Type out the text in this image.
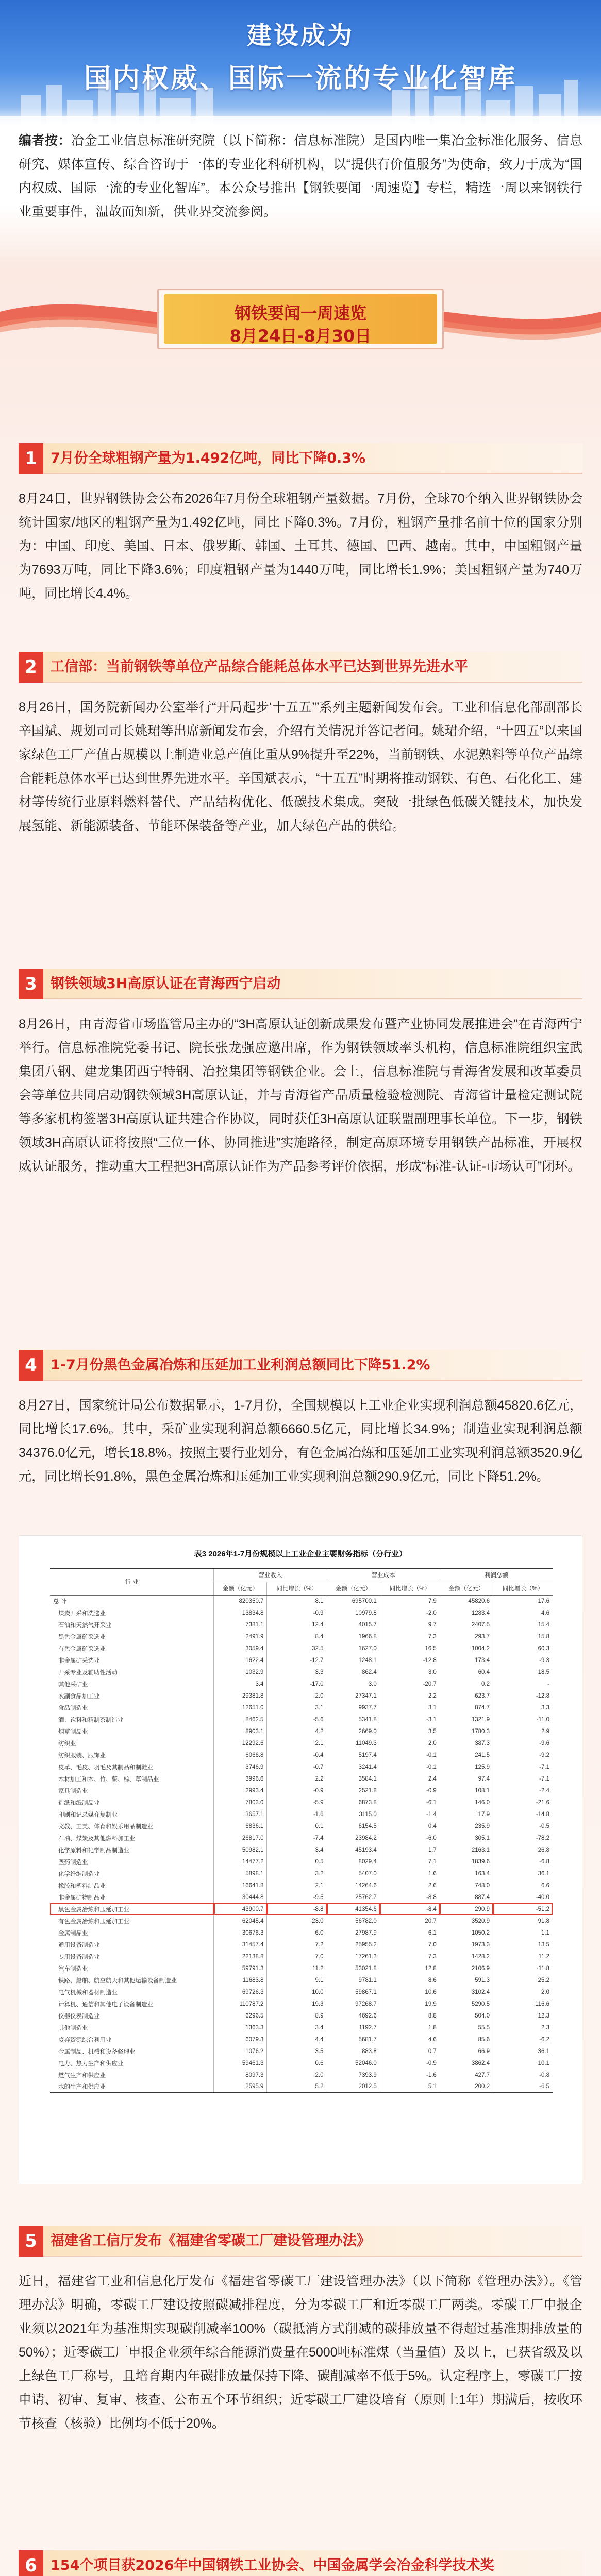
建设成为
国内权威、国际一流的专业化智库
编者按：冶金工业信息标准研究院（以下简称：信息标准院）是国内唯一集冶金标准化服务、信息研究、媒体宣传、综合咨询于一体的专业化科研机构，以“提供有价值服务”为使命，致力于成为“国内权威、国际一流的专业化智库”。本公众号推出【钢铁要闻一周速览】专栏，精选一周以来钢铁行业重要事件，温故而知新，供业界交流参阅。
钢铁要闻一周速览
8月24日-8月30日
1 7月份全球粗钢产量为1.492亿吨，同比下降0.3%
8月24日，世界钢铁协会公布2026年7月份全球粗钢产量数据。7月份，全球70个纳入世界钢铁协会统计国家/地区的粗钢产量为1.492亿吨，同比下降0.3%。7月份，粗钢产量排名前十位的国家分别为：中国、印度、美国、日本、俄罗斯、韩国、土耳其、德国、巴西、越南。其中，中国粗钢产量为7693万吨，同比下降3.6%；印度粗钢产量为1440万吨，同比增长1.9%；美国粗钢产量为740万吨，同比增长4.4%。
2 工信部：当前钢铁等单位产品综合能耗总体水平已达到世界先进水平
8月26日，国务院新闻办公室举行“开局起步‘十五五’”系列主题新闻发布会。工业和信息化部副部长辛国斌、规划司司长姚珺等出席新闻发布会，介绍有关情况并答记者问。姚珺介绍，“十四五”以来国家绿色工厂产值占规模以上制造业总产值比重从9%提升至22%，当前钢铁、水泥熟料等单位产品综合能耗总体水平已达到世界先进水平。辛国斌表示，“十五五”时期将推动钢铁、有色、石化化工、建材等传统行业原料燃料替代、产品结构优化、低碳技术集成。突破一批绿色低碳关键技术，加快发展氢能、新能源装备、节能环保装备等产业，加大绿色产品的供给。
3 钢铁领域3H高原认证在青海西宁启动
8月26日，由青海省市场监管局主办的“3H高原认证创新成果发布暨产业协同发展推进会”在青海西宁举行。信息标准院党委书记、院长张龙强应邀出席，作为钢铁领域率头机构，信息标准院组织宝武集团八钢、建龙集团西宁特钢、冶控集团等钢铁企业。会上，信息标准院与青海省发展和改革委员会等单位共同启动钢铁领域3H高原认证，并与青海省产品质量检验检测院、青海省计量检定测试院等多家机构签署3H高原认证共建合作协议，同时获任3H高原认证联盟副理事长单位。下一步，钢铁领域3H高原认证将按照“三位一体、协同推进”实施路径，制定高原环境专用钢铁产品标准，开展权威认证服务，推动重大工程把3H高原认证作为产品参考评价依据，形成“标准-认证-市场认可”闭环。
4 1-7月份黑色金属冶炼和压延加工业利润总额同比下降51.2%
8月27日，国家统计局公布数据显示，1-7月份，全国规模以上工业企业实现利润总额45820.6亿元，同比增长17.6%。其中，采矿业实现利润总额6660.5亿元，同比增长34.9%；制造业实现利润总额34376.0亿元，增长18.8%。按照主要行业划分，有色金属冶炼和压延加工业实现利润总额3520.9亿元，同比增长91.8%，黑色金属冶炼和压延加工业实现利润总额290.9亿元，同比下降51.2%。
表3 2026年1-7月份规模以上工业企业主要财务指标（分行业）
行 业	营业收入		营业成本		利润总额	
	金额（亿元）	同比增长（%）	金额（亿元）	同比增长（%）	金额（亿元）	同比增长（%）
总 计	820350.7	8.1	695700.1	7.9	45820.6	17.6
煤炭开采和洗选业	13834.8	-0.9	10979.8	-2.0	1283.4	4.6
石油和天然气开采业	7381.1	12.4	4015.7	9.7	2407.5	15.4
黑色金属矿采选业	2491.9	8.4	1966.8	7.3	293.7	15.8
有色金属矿采选业	3059.4	32.5	1627.0	16.5	1004.2	60.3
非金属矿采选业	1622.4	-12.7	1248.1	-12.8	173.4	-9.3
开采专业及辅助性活动	1032.9	3.3	862.4	3.0	60.4	18.5
其他采矿业	3.4	-17.0	3.0	-20.7	0.2	-
农副食品加工业	29381.8	2.0	27347.1	2.2	623.7	-12.8
食品制造业	12651.0	3.1	9937.7	3.1	874.7	3.3
酒、饮料和精制茶制造业	8462.5	-5.6	5341.8	-3.1	1321.9	-11.0
烟草制品业	8903.1	4.2	2669.0	3.5	1780.3	2.9
纺织业	12292.6	2.1	11049.3	2.0	387.3	-9.6
纺织服装、服饰业	6066.8	-0.4	5197.4	-0.1	241.5	-9.2
皮革、毛皮、羽毛及其制品和制鞋业	3746.9	-0.7	3241.4	-0.1	125.9	-7.1
木材加工和木、竹、藤、棕、草制品业	3996.6	2.2	3584.1	2.4	97.4	-7.1
家具制造业	2993.4	-0.9	2521.8	-0.9	108.1	-2.4
造纸和纸制品业	7803.0	-5.9	6873.8	-6.1	146.0	-21.6
印刷和记录媒介复制业	3657.1	-1.6	3115.0	-1.4	117.9	-14.8
文教、工美、体育和娱乐用品制造业	6836.1	0.1	6154.5	0.4	235.9	-0.5
石油、煤炭及其他燃料加工业	26817.0	-7.4	23984.2	-6.0	305.1	-78.2
化学原料和化学制品制造业	50982.1	3.4	45193.4	1.7	2163.1	26.8
医药制造业	14477.2	0.5	8029.4	7.1	1839.6	-6.8
化学纤维制造业	5898.1	3.2	5407.0	1.6	163.4	36.1
橡胶和塑料制品业	16641.8	2.1	14264.6	2.6	748.0	6.6
非金属矿物制品业	30444.8	-9.5	25762.7	-8.8	887.4	-40.0
黑色金属冶炼和压延加工业	43900.7	-8.8	41354.6	-8.4	290.9	-51.2
有色金属冶炼和压延加工业	62045.4	23.0	56782.0	20.7	3520.9	91.8
金属制品业	30676.3	6.0	27987.9	6.1	1050.2	1.1
通用设备制造业	31457.4	7.2	25955.2	7.0	1973.3	13.5
专用设备制造业	22138.8	7.0	17261.3	7.3	1428.2	11.2
汽车制造业	59791.3	11.2	53021.8	12.8	2106.9	-11.8
铁路、船舶、航空航天和其他运输设备制造业	11683.8	9.1	9781.1	8.6	591.3	25.2
电气机械和器材制造业	69726.3	10.0	59867.1	10.6	3102.4	2.0
计算机、通信和其他电子设备制造业	110787.2	19.3	97268.7	19.9	5290.5	116.6
仪器仪表制造业	6296.5	8.9	4692.6	8.8	504.0	12.3
其他制造业	1363.3	3.4	1192.7	1.8	55.5	2.3
废弃资源综合利用业	6079.3	4.4	5681.7	4.6	85.6	-6.2
金属制品、机械和设备修理业	1076.2	3.5	883.8	0.7	66.9	36.1
电力、热力生产和供应业	59461.3	0.6	52046.0	-0.9	3862.4	10.1
燃气生产和供应业	8097.3	2.0	7393.9	-1.6	427.7	-0.8
水的生产和供应业	2595.9	5.2	2012.5	5.1	200.2	-6.5
5 福建省工信厅发布《福建省零碳工厂建设管理办法》
近日，福建省工业和信息化厅发布《福建省零碳工厂建设管理办法》（以下简称《管理办法》）。《管理办法》明确，零碳工厂建设按照碳减排程度，分为零碳工厂和近零碳工厂两类。零碳工厂申报企业须以2021年为基准期实现碳削减率100%（碳抵消方式削减的碳排放量不得超过基准期排放量的50%）；近零碳工厂申报企业须年综合能源消费量在5000吨标准煤（当量值）及以上，已获省级及以上绿色工厂称号，且培育期内年碳排放量保持下降、碳削减率不低于5%。认定程序上，零碳工厂按申请、初审、复审、核查、公布五个环节组织；近零碳工厂建设培育（原则上1年）期满后，按收环节核查（核验）比例均不低于20%。
6 154个项目获2026年中国钢铁工业协会、中国金属学会冶金科学技术奖
